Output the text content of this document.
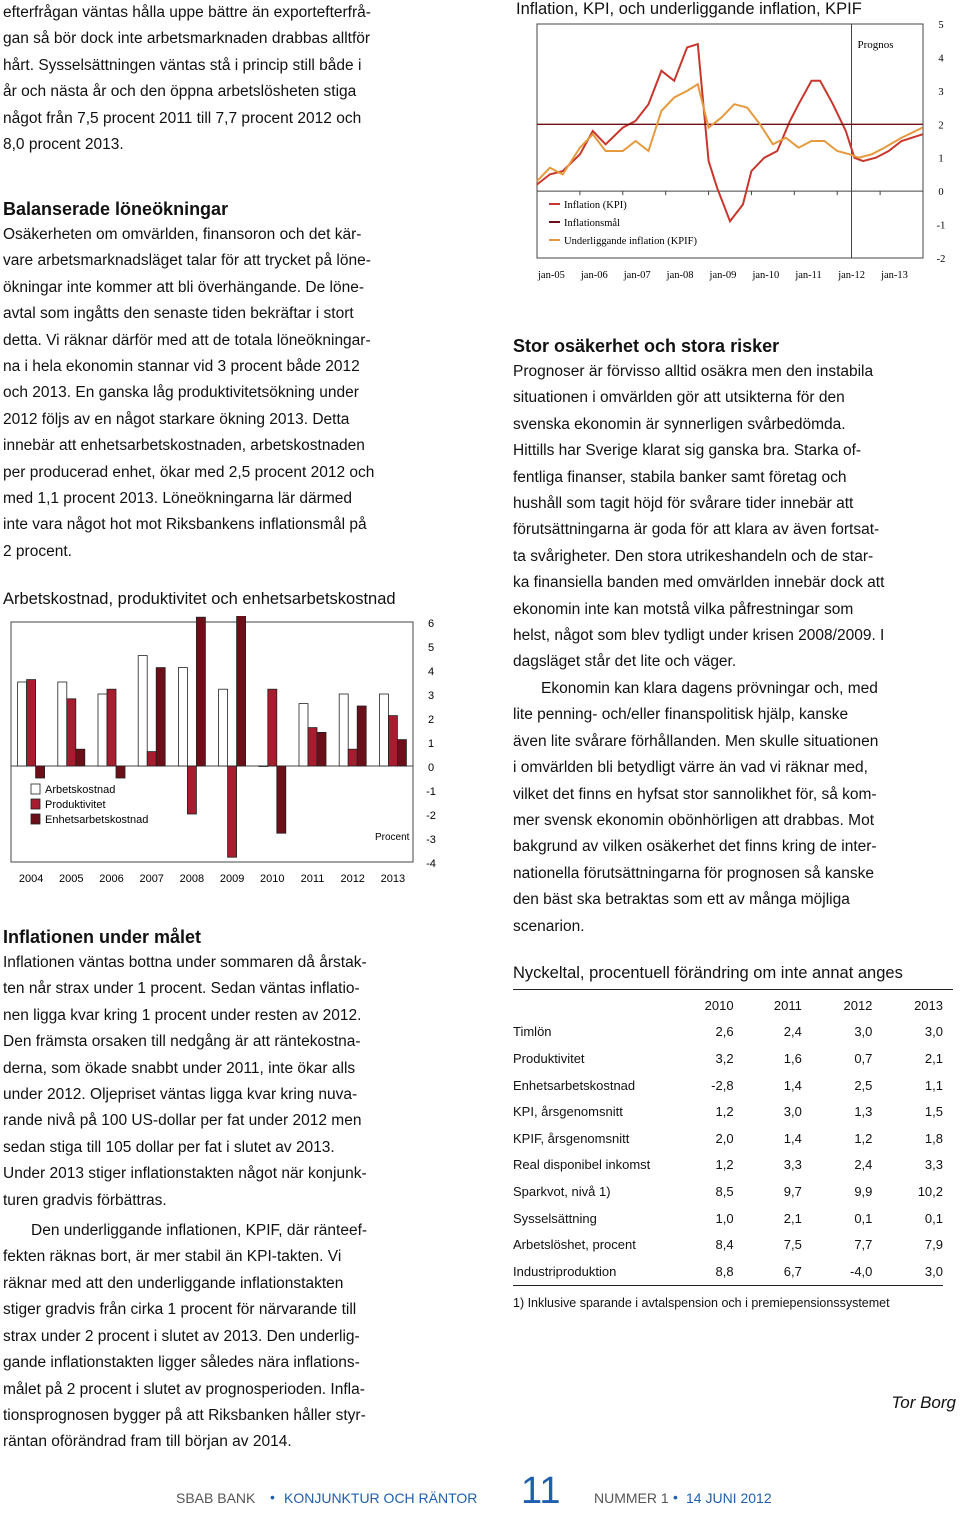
efterfrågan väntas hålla uppe bättre än exportefterfrå-
gan så bör dock inte arbetsmarknaden drabbas alltför
hårt. Sysselsättningen väntas stå i princip still både i
år och nästa år och den öppna arbetslösheten stiga
något från 7,5 procent 2011 till 7,7 procent 2012 och
8,0 procent 2013.

Balanserade löneökningar

Osäkerheten om omvärlden, finansoron och det kär-
vare arbetsmarknadsläget talar för att trycket på löne-
ökningar inte kommer att bli överhängande. De löne-
avtal som ingåtts den senaste tiden bekräftar i stort
detta. Vi räknar därför med att de totala löneökningar-
na i hela ekonomin stannar vid 3 procent både 2012
och 2013. En ganska låg produktivitetsökning under
2012 följs av en något starkare ökning 2013. Detta
innebär att enhetsarbetskostnaden, arbetskostnaden
per producerad enhet, ökar med 2,5 procent 2012 och
med 1,1 procent 2013. Löneökningarna lär därmed
inte vara något hot mot Riksbankens inflationsmål på
2 procent.

Arbetskostnad, produktivitet och enhetsarbetskostnad

6
5
4
3
2
1
0
-1
-2
-3
-4
2004 2005 2006 2007 2008 2009 2010 2011 2012 2013
Arbetskostnad
Produktivitet
Enhetsarbetskostnad
Procent

Inflationen under målet

Inflationen väntas bottna under sommaren då årstak-
ten når strax under 1 procent. Sedan väntas inflatio-
nen ligga kvar kring 1 procent under resten av 2012.
Den främsta orsaken till nedgång är att räntekostna-
derna, som ökade snabbt under 2011, inte ökar alls
under 2012. Oljepriset väntas ligga kvar kring nuva-
rande nivå på 100 US-dollar per fat under 2012 men
sedan stiga till 105 dollar per fat i slutet av 2013.
Under 2013 stiger inflationstakten något när konjunk-
turen gradvis förbättras.

Den underliggande inflationen, KPIF, där ränteef-
fekten räknas bort, är mer stabil än KPI-takten. Vi
räknar med att den underliggande inflationstakten
stiger gradvis från cirka 1 procent för närvarande till
strax under 2 procent i slutet av 2013. Den underlig-
gande inflationstakten ligger således nära inflations-
målet på 2 procent i slutet av prognosperioden. Infla-
tionsprognosen bygger på att Riksbanken håller styr-
räntan oförändrad fram till början av 2014.

Inflation, KPI, och underliggande inflation, KPIF

5
4
3
2
1
0
-1
-2
jan-05 jan-06 jan-07 jan-08 jan-09 jan-10 jan-11 jan-12 jan-13
Prognos
Inflation (KPI)
Inflationsmål
Underliggande inflation (KPIF)

Stor osäkerhet och stora risker

Prognoser är förvisso alltid osäkra men den instabila
situationen i omvärlden gör att utsikterna för den
svenska ekonomin är synnerligen svårbedömda.
Hittills har Sverige klarat sig ganska bra. Starka of-
fentliga finanser, stabila banker samt företag och
hushåll som tagit höjd för svårare tider innebär att
förutsättningarna är goda för att klara av även fortsat-
ta svårigheter. Den stora utrikeshandeln och de star-
ka finansiella banden med omvärlden innebär dock att
ekonomin inte kan motstå vilka påfrestningar som
helst, något som blev tydligt under krisen 2008/2009. I
dagsläget står det lite och väger.

Ekonomin kan klara dagens prövningar och, med
lite penning- och/eller finanspolitisk hjälp, kanske
även lite svårare förhållanden. Men skulle situationen
i omvärlden bli betydligt värre än vad vi räknar med,
vilket det finns en hyfsat stor sannolikhet för, så kom-
mer svensk ekonomin obönhörligen att drabbas. Mot
bakgrund av vilken osäkerhet det finns kring de inter-
nationella förutsättningarna för prognosen så kanske
den bäst ska betraktas som ett av många möjliga
scenarion.

Nyckeltal, procentuell förändring om inte annat anges

	2010	2011	2012	2013
Timlön	2,6	2,4	3,0	3,0
Produktivitet	3,2	1,6	0,7	2,1
Enhetsarbetskostnad	-2,8	1,4	2,5	1,1
KPI, årsgenomsnitt	1,2	3,0	1,3	1,5
KPIF, årsgenomsnitt	2,0	1,4	1,2	1,8
Real disponibel inkomst	1,2	3,3	2,4	3,3
Sparkvot, nivå 1)	8,5	9,7	9,9	10,2
Sysselsättning	1,0	2,1	0,1	0,1
Arbetslöshet, procent	8,4	7,5	7,7	7,9
Industriproduktion	8,8	6,7	-4,0	3,0

1) Inklusive sparande i avtalspension och i premiepensionssystemet

Tor Borg
SBAB BANK • KONJUNKTUR OCH RÄNTOR 11 NUMMER 1 • 14 JUNI 2012
